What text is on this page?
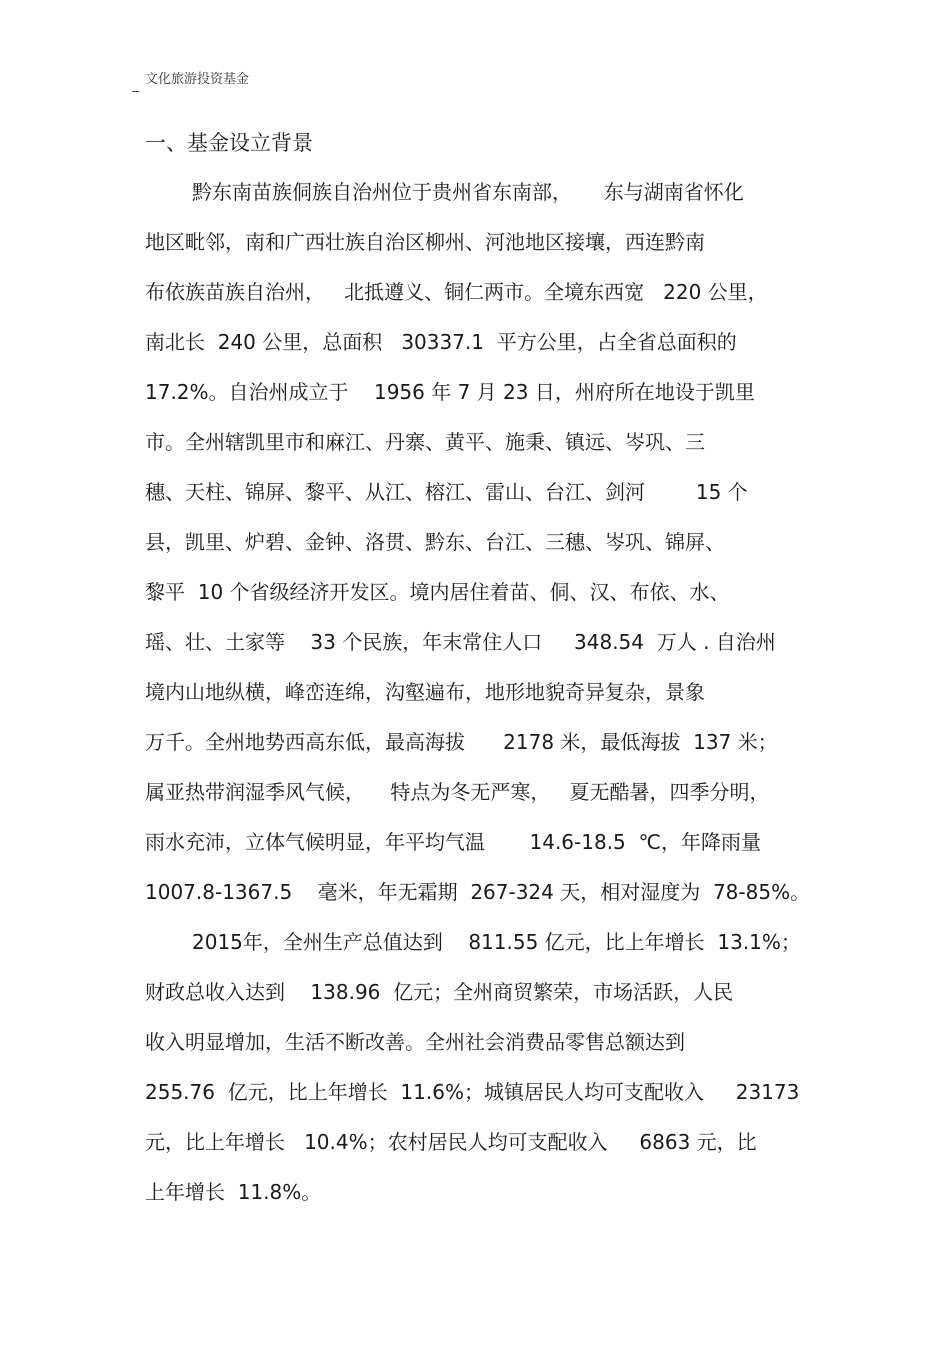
文化旅游投资基金
--
一、基金设立背景
黔东南苗族侗族自治州位于贵州省东南部，     东与湖南省怀化
地区毗邻，南和广西壮族自治区柳州、河池地区接壤，西连黔南
布依族苗族自治州，   北抵遵义、铜仁两市。全境东西宽   220 公里，
南北长  240 公里，总面积   30337.1  平方公里，占全省总面积的
17.2%。自治州成立于    1956 年 7 月 23 日，州府所在地设于凯里
市。全州辖凯里市和麻江、丹寨、黄平、施秉、镇远、岑巩、三
穗、天柱、锦屏、黎平、从江、榕江、雷山、台江、剑河        15 个
县，凯里、炉碧、金钟、洛贯、黔东、台江、三穗、岑巩、锦屏、
黎平  10 个省级经济开发区。境内居住着苗、侗、汉、布依、水、
瑶、壮、土家等    33 个民族，年末常住人口     348.54  万人 . 自治州
境内山地纵横，峰峦连绵，沟壑遍布，地形地貌奇异复杂，景象
万千。全州地势西高东低，最高海拔      2178 米，最低海拔  137 米；
属亚热带润湿季风气候，    特点为冬无严寒，   夏无酷暑，四季分明，
雨水充沛，立体气候明显，年平均气温       14.6-18.5  ℃，年降雨量
1007.8-1367.5    毫米，年无霜期  267-324 天，相对湿度为  78-85%。
2015年，全州生产总值达到    811.55 亿元，比上年增长  13.1%；
财政总收入达到    138.96  亿元；全州商贸繁荣，市场活跃，人民
收入明显增加，生活不断改善。全州社会消费品零售总额达到
255.76  亿元，比上年增长  11.6%；城镇居民人均可支配收入     23173
元，比上年增长   10.4%；农村居民人均可支配收入     6863 元，比
上年增长  11.8%。
